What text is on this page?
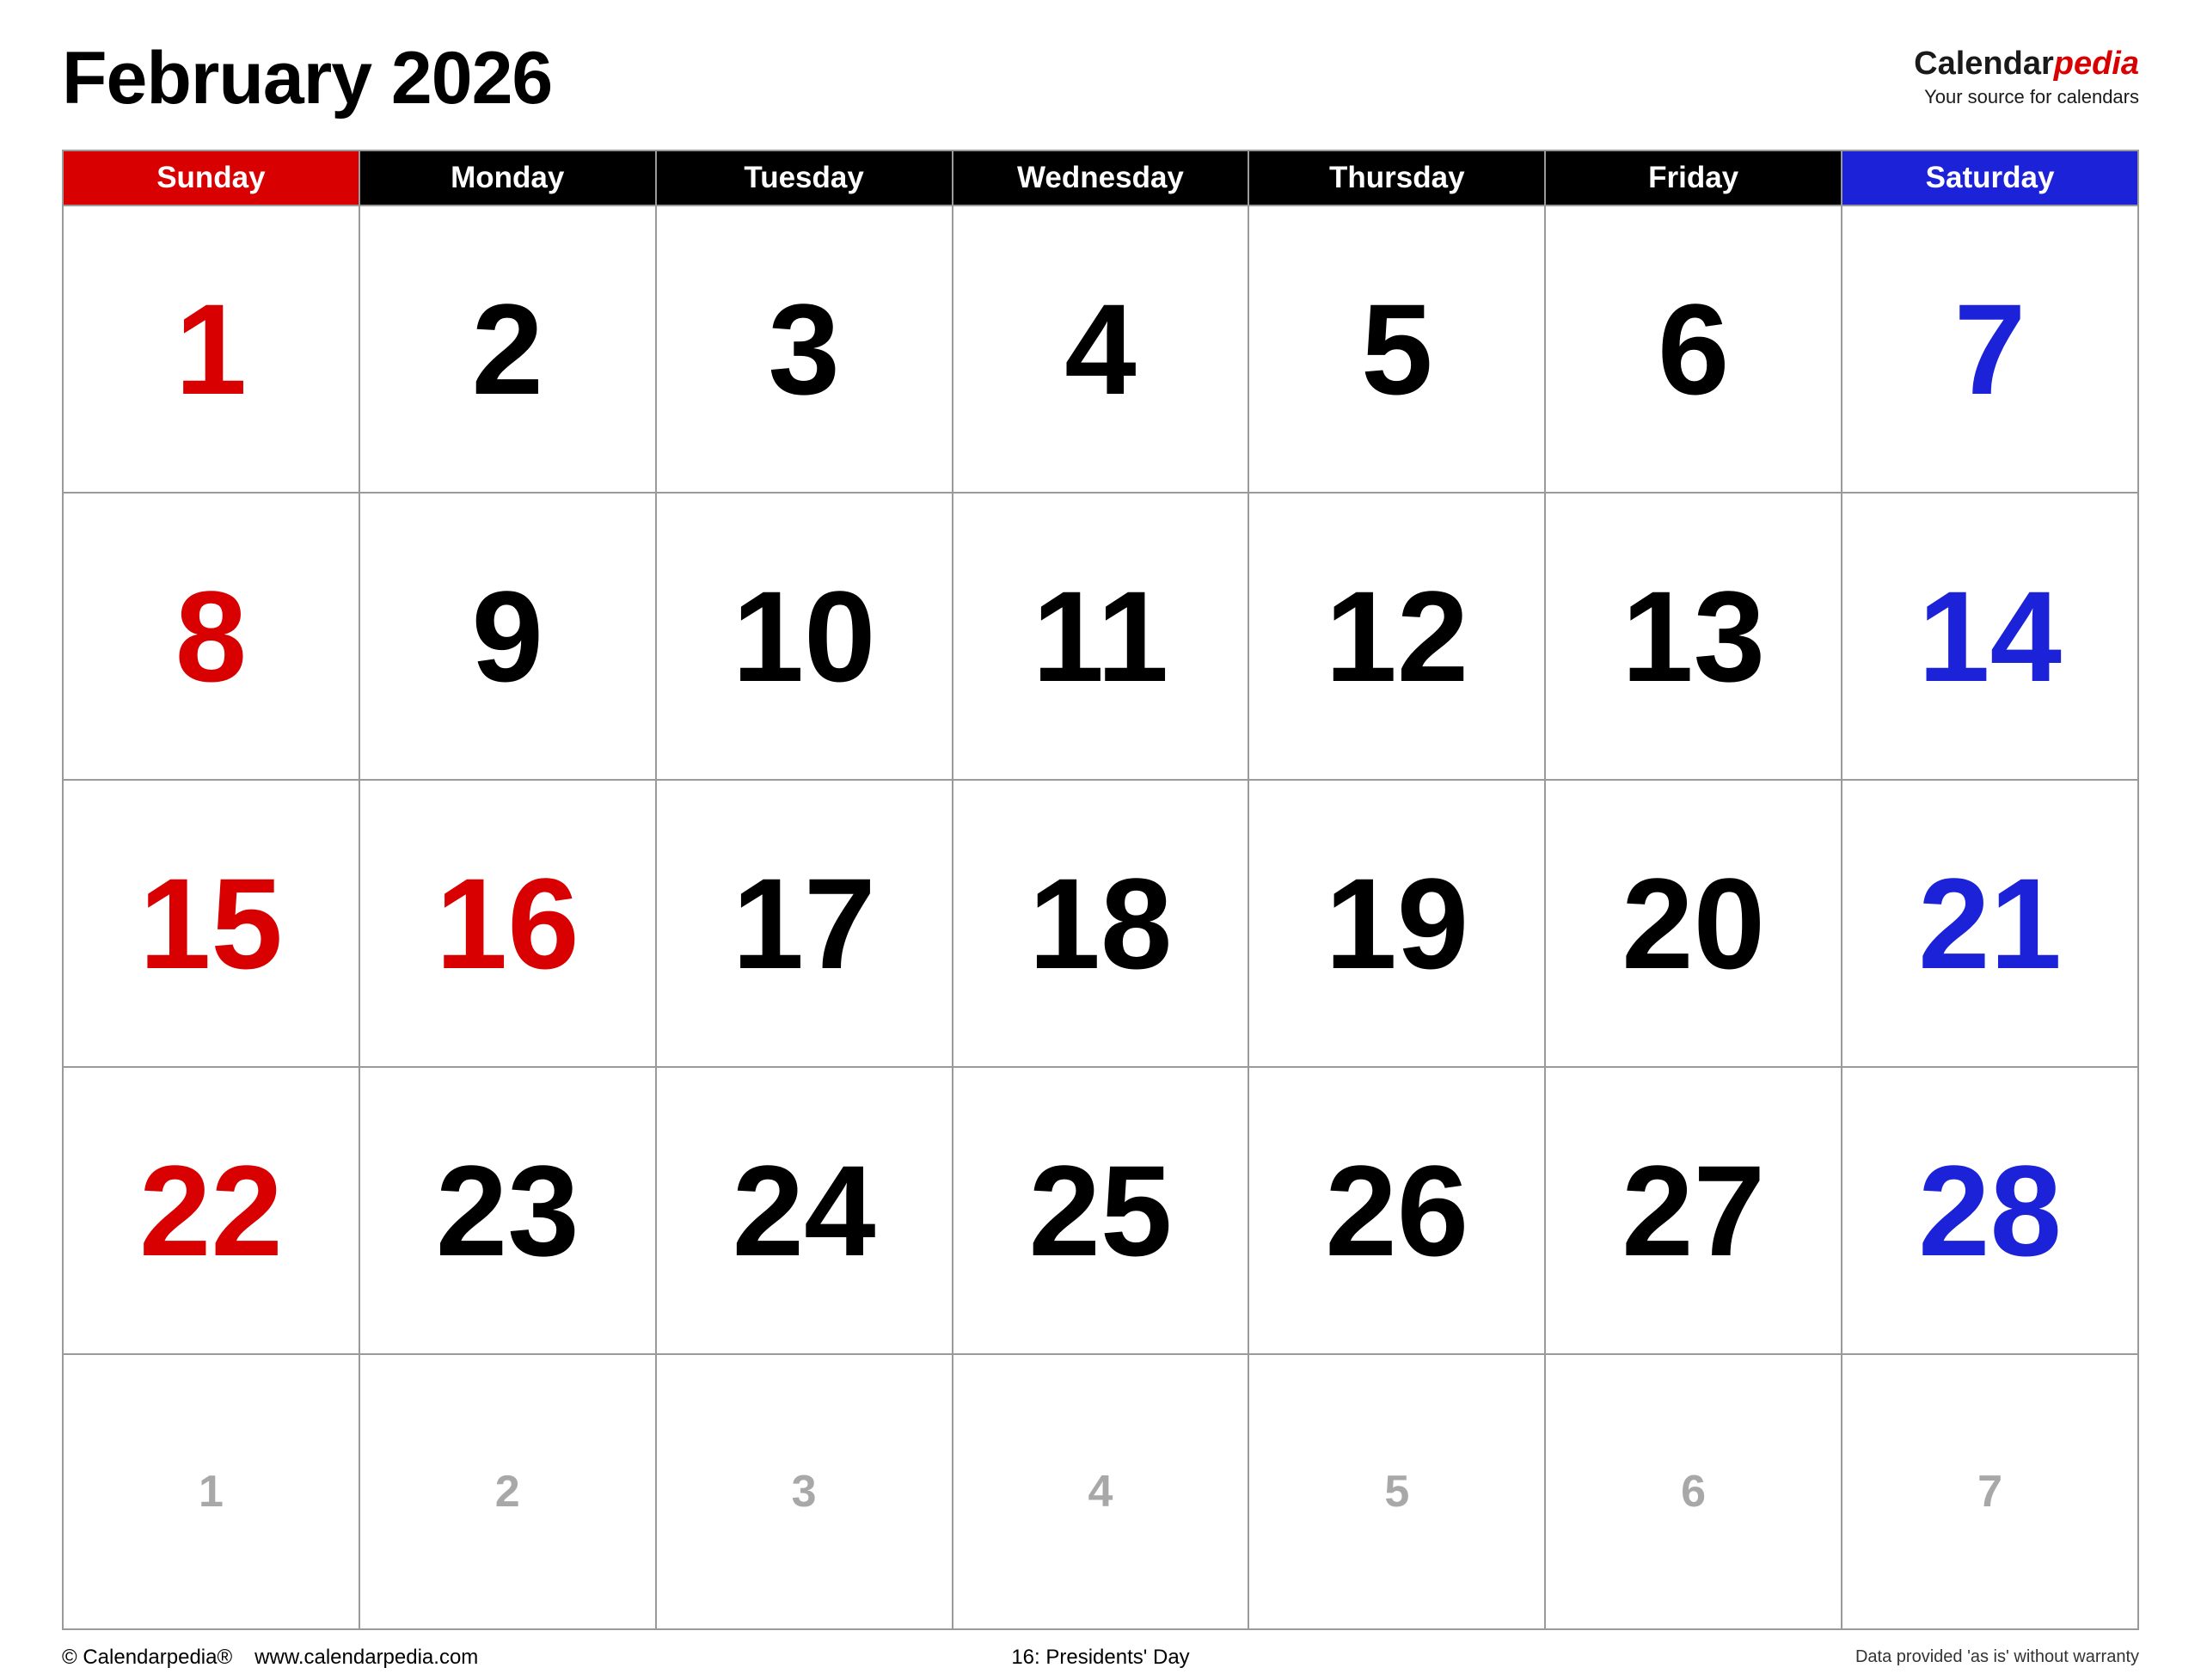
February 2026	Calendarpedia
Your source for calendars
Sunday	Monday	Tuesday	Wednesday	Thursday	Friday	Saturday

1	2	3	4	5	6	7

8	9	10	11	12	13	14

15	16	17	18	19	20	21

22	23	24	25	26	27	28

1	2	3	4	5	6	7
© Calendarpedia® www.calendarpedia.com	16: Presidents' Day	Data provided 'as is' without warranty
